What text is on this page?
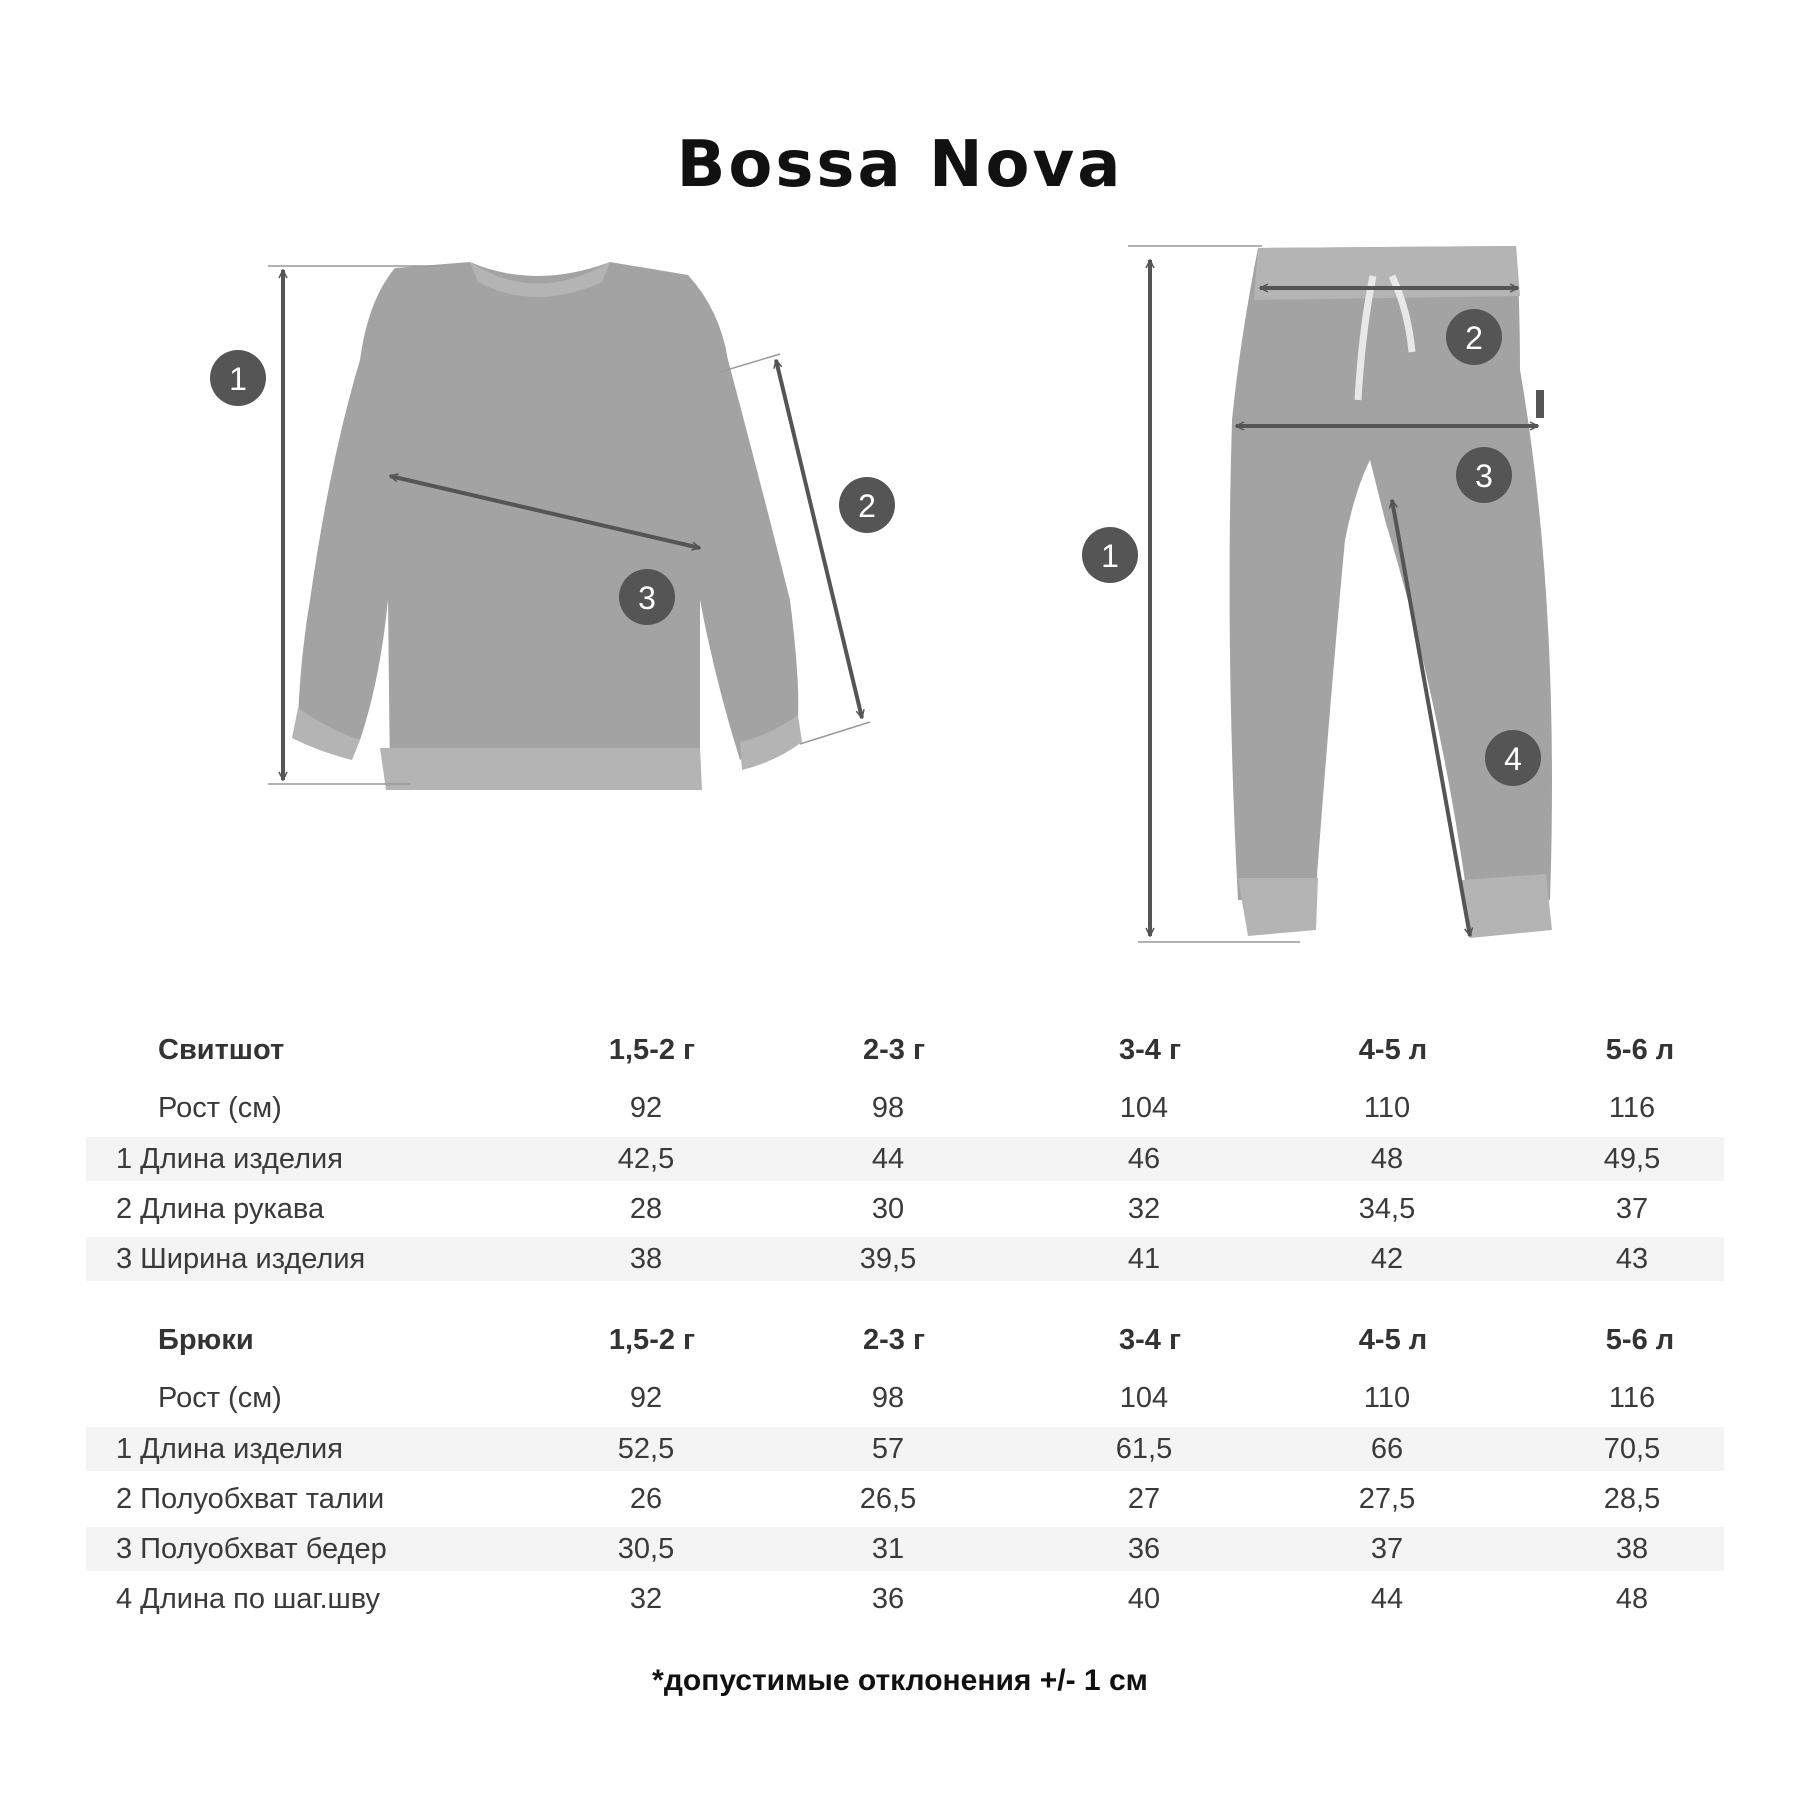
Bossa Nova
1
2
3
1
2
3
4
Свитшот	1,5-2 г	2-3 г	3-4 г	4-5 л	5-6 л
Рост (см)	92	98	104	110	116
1 Длина изделия	42,5	44	46	48	49,5
2 Длина рукава	28	30	32	34,5	37
3 Ширина изделия	38	39,5	41	42	43
Брюки	1,5-2 г	2-3 г	3-4 г	4-5 л	5-6 л
Рост (см)	92	98	104	110	116
1 Длина изделия	52,5	57	61,5	66	70,5
2 Полуобхват талии	26	26,5	27	27,5	28,5
3 Полуобхват бедер	30,5	31	36	37	38
4 Длина по шаг.шву	32	36	40	44	48
*допустимые отклонения +/- 1 см
